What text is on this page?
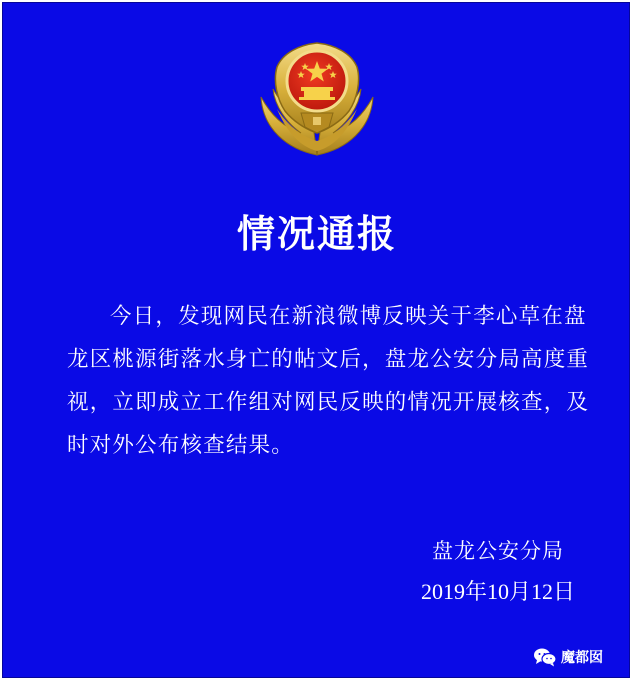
情况通报

今日，发现网民在新浪微博反映关于李心草在盘龙区桃源街落水身亡的帖文后，盘龙公安分局高度重视，立即成立工作组对网民反映的情况开展核查，及时对外公布核查结果。

盘龙公安分局
2019年10月12日
魔都囡
